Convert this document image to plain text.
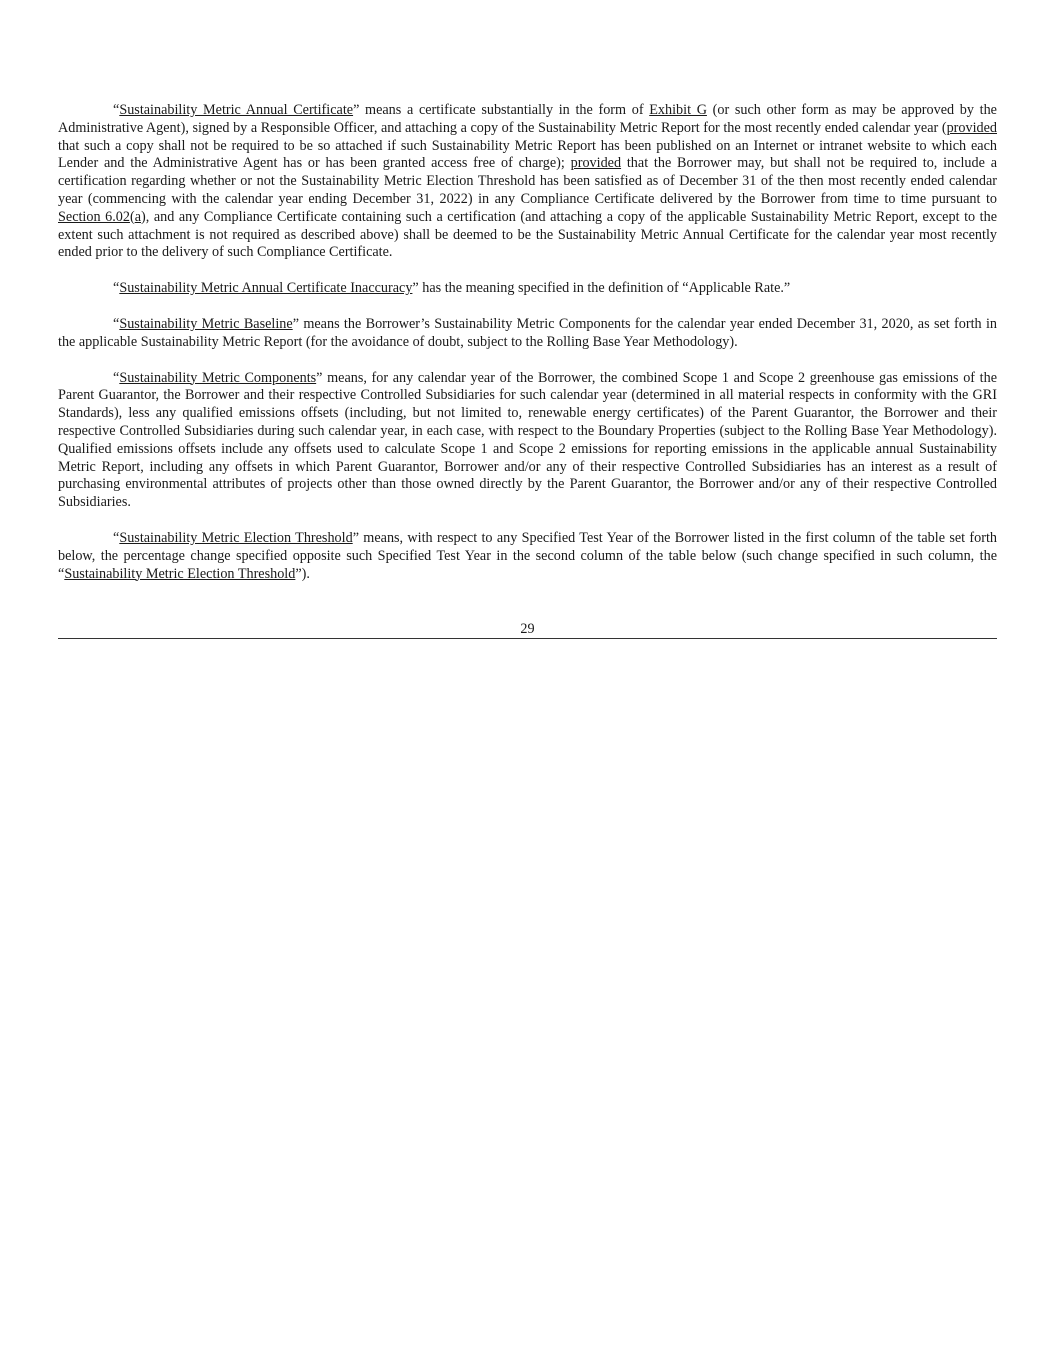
“Sustainability Metric Annual Certificate” means a certificate substantially in the form of Exhibit G (or such other form as may be approved by the Administrative Agent), signed by a Responsible Officer, and attaching a copy of the Sustainability Metric Report for the most recently ended calendar year (provided that such a copy shall not be required to be so attached if such Sustainability Metric Report has been published on an Internet or intranet website to which each Lender and the Administrative Agent has or has been granted access free of charge); provided that the Borrower may, but shall not be required to, include a certification regarding whether or not the Sustainability Metric Election Threshold has been satisfied as of December 31 of the then most recently ended calendar year (commencing with the calendar year ending December 31, 2022) in any Compliance Certificate delivered by the Borrower from time to time pursuant to Section 6.02(a), and any Compliance Certificate containing such a certification (and attaching a copy of the applicable Sustainability Metric Report, except to the extent such attachment is not required as described above) shall be deemed to be the Sustainability Metric Annual Certificate for the calendar year most recently ended prior to the delivery of such Compliance Certificate.

“Sustainability Metric Annual Certificate Inaccuracy” has the meaning specified in the definition of “Applicable Rate.”

“Sustainability Metric Baseline” means the Borrower’s Sustainability Metric Components for the calendar year ended December 31, 2020, as set forth in the applicable Sustainability Metric Report (for the avoidance of doubt, subject to the Rolling Base Year Methodology).

“Sustainability Metric Components” means, for any calendar year of the Borrower, the combined Scope 1 and Scope 2 greenhouse gas emissions of the Parent Guarantor, the Borrower and their respective Controlled Subsidiaries for such calendar year (determined in all material respects in conformity with the GRI Standards), less any qualified emissions offsets (including, but not limited to, renewable energy certificates) of the Parent Guarantor, the Borrower and their respective Controlled Subsidiaries during such calendar year, in each case, with respect to the Boundary Properties (subject to the Rolling Base Year Methodology). Qualified emissions offsets include any offsets used to calculate Scope 1 and Scope 2 emissions for reporting emissions in the applicable annual Sustainability Metric Report, including any offsets in which Parent Guarantor, Borrower and/or any of their respective Controlled Subsidiaries has an interest as a result of purchasing environmental attributes of projects other than those owned directly by the Parent Guarantor, the Borrower and/or any of their respective Controlled Subsidiaries.

“Sustainability Metric Election Threshold” means, with respect to any Specified Test Year of the Borrower listed in the first column of the table set forth below, the percentage change specified opposite such Specified Test Year in the second column of the table below (such change specified in such column, the “Sustainability Metric Election Threshold”).

29
